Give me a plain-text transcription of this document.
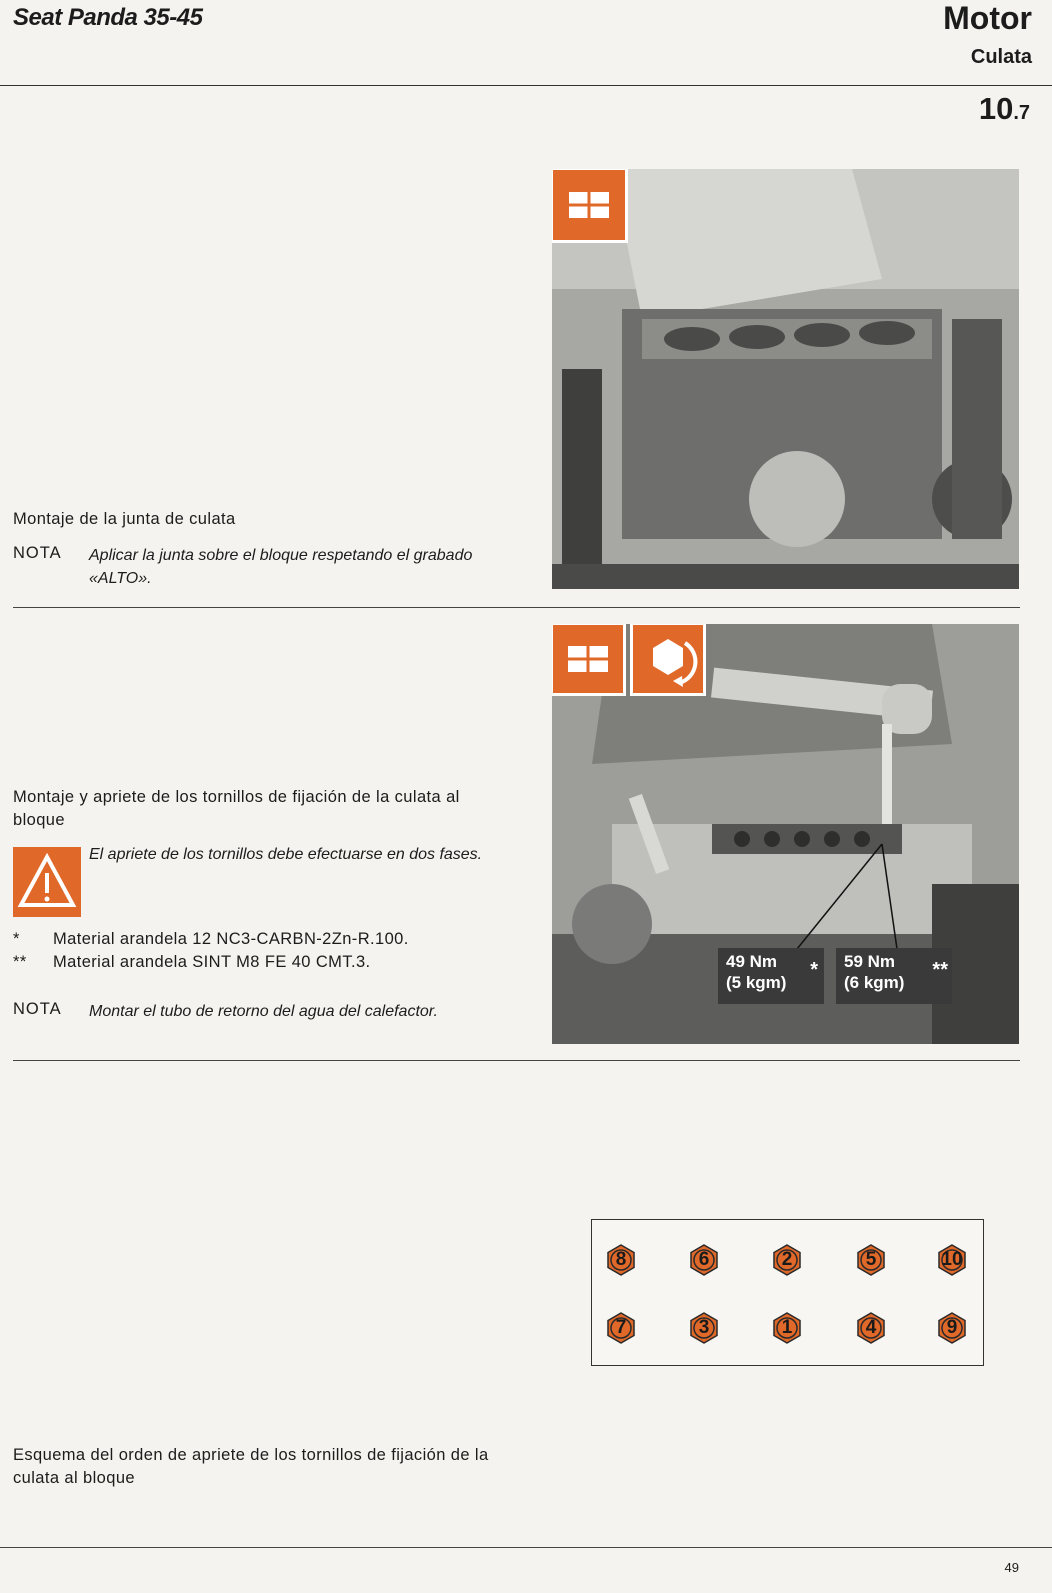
Seat Panda 35-45	Motor
Culata
10.7
Montaje de la junta de culata
NOTA Aplicar la junta sobre el bloque respetando el grabado «ALTO».
49 Nm
(5 kgm)
* 59 Nm
(6 kgm)
**
Montaje y apriete de los tornillos de fijación de la culata al bloque
El apriete de los tornillos debe efectuarse en dos fases.
* Material arandela 12 NC3-CARBN-2Zn-R.100.
** Material arandela SINT M8 FE 40 CMT.3.
NOTA Montar el tubo de retorno del agua del calefactor.
8	6	2	5	10
7	3	1	4	9
Esquema del orden de apriete de los tornillos de fijación de la culata al bloque
49
